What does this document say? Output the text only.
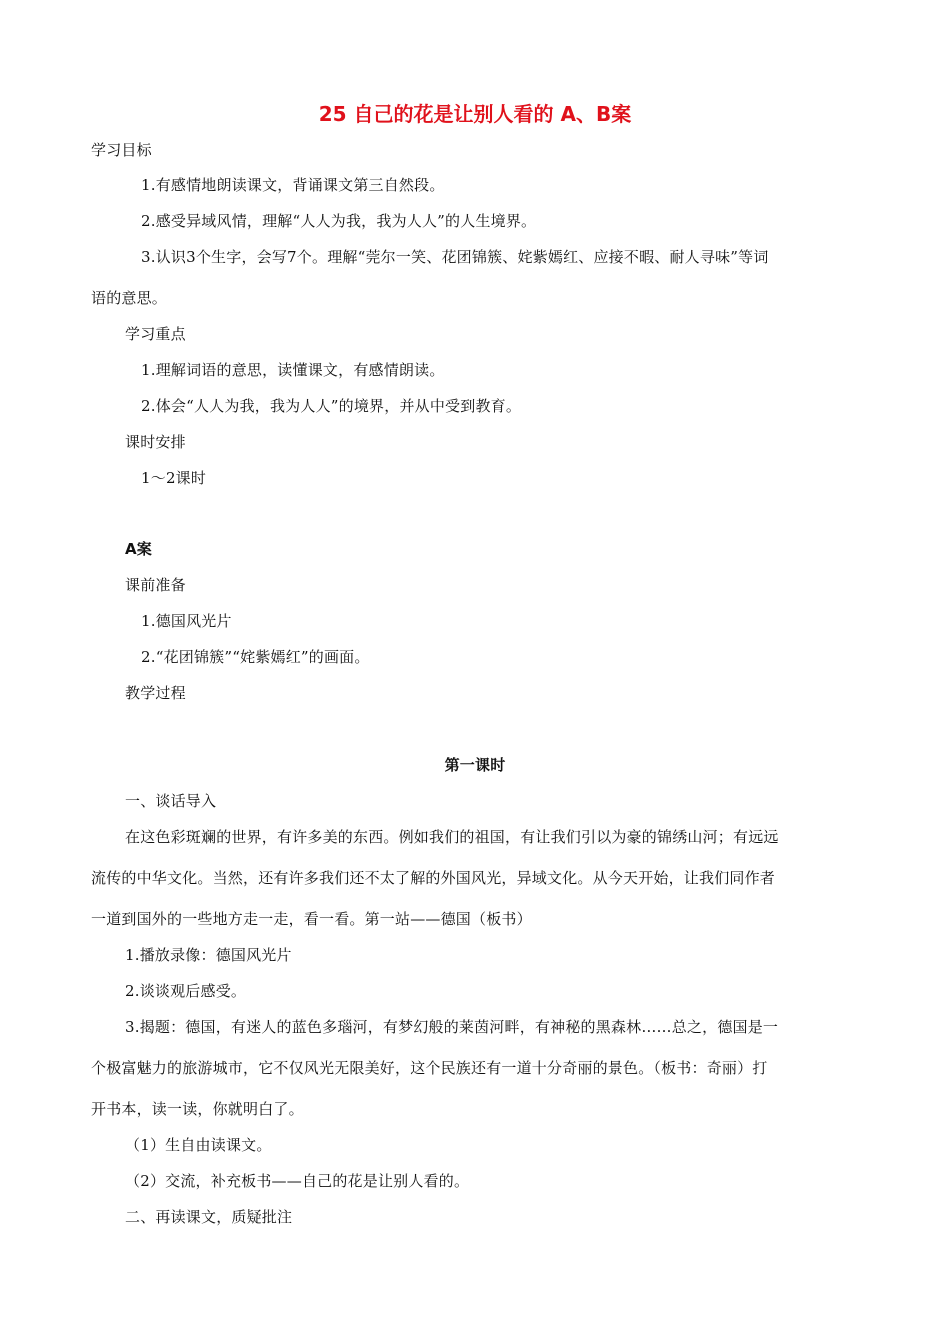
25 自己的花是让别人看的 A、B案
学习目标
1.有感情地朗读课文，背诵课文第三自然段。
2.感受异域风情，理解“人人为我，我为人人”的人生境界。
3.认识3个生字，会写7个。理解“莞尔一笑、花团锦簇、姹紫嫣红、应接不暇、耐人寻味”等词
语的意思。
学习重点
1.理解词语的意思，读懂课文，有感情朗读。
2.体会“人人为我，我为人人”的境界，并从中受到教育。
课时安排
1～2课时
A案
课前准备
1.德国风光片
2.“花团锦簇”“姹紫嫣红”的画面。
教学过程
第一课时
一、谈话导入
在这色彩斑斓的世界，有许多美的东西。例如我们的祖国，有让我们引以为豪的锦绣山河；有远远
流传的中华文化。当然，还有许多我们还不太了解的外国风光，异域文化。从今天开始，让我们同作者
一道到国外的一些地方走一走，看一看。第一站——德国（板书）
1.播放录像：德国风光片
2.谈谈观后感受。
3.揭题：德国，有迷人的蓝色多瑙河，有梦幻般的莱茵河畔，有神秘的黑森林……总之，德国是一
个极富魅力的旅游城市，它不仅风光无限美好，这个民族还有一道十分奇丽的景色。（板书：奇丽）打
开书本，读一读，你就明白了。
（1）生自由读课文。
（2）交流，补充板书——自己的花是让别人看的。
二、再读课文，质疑批注
